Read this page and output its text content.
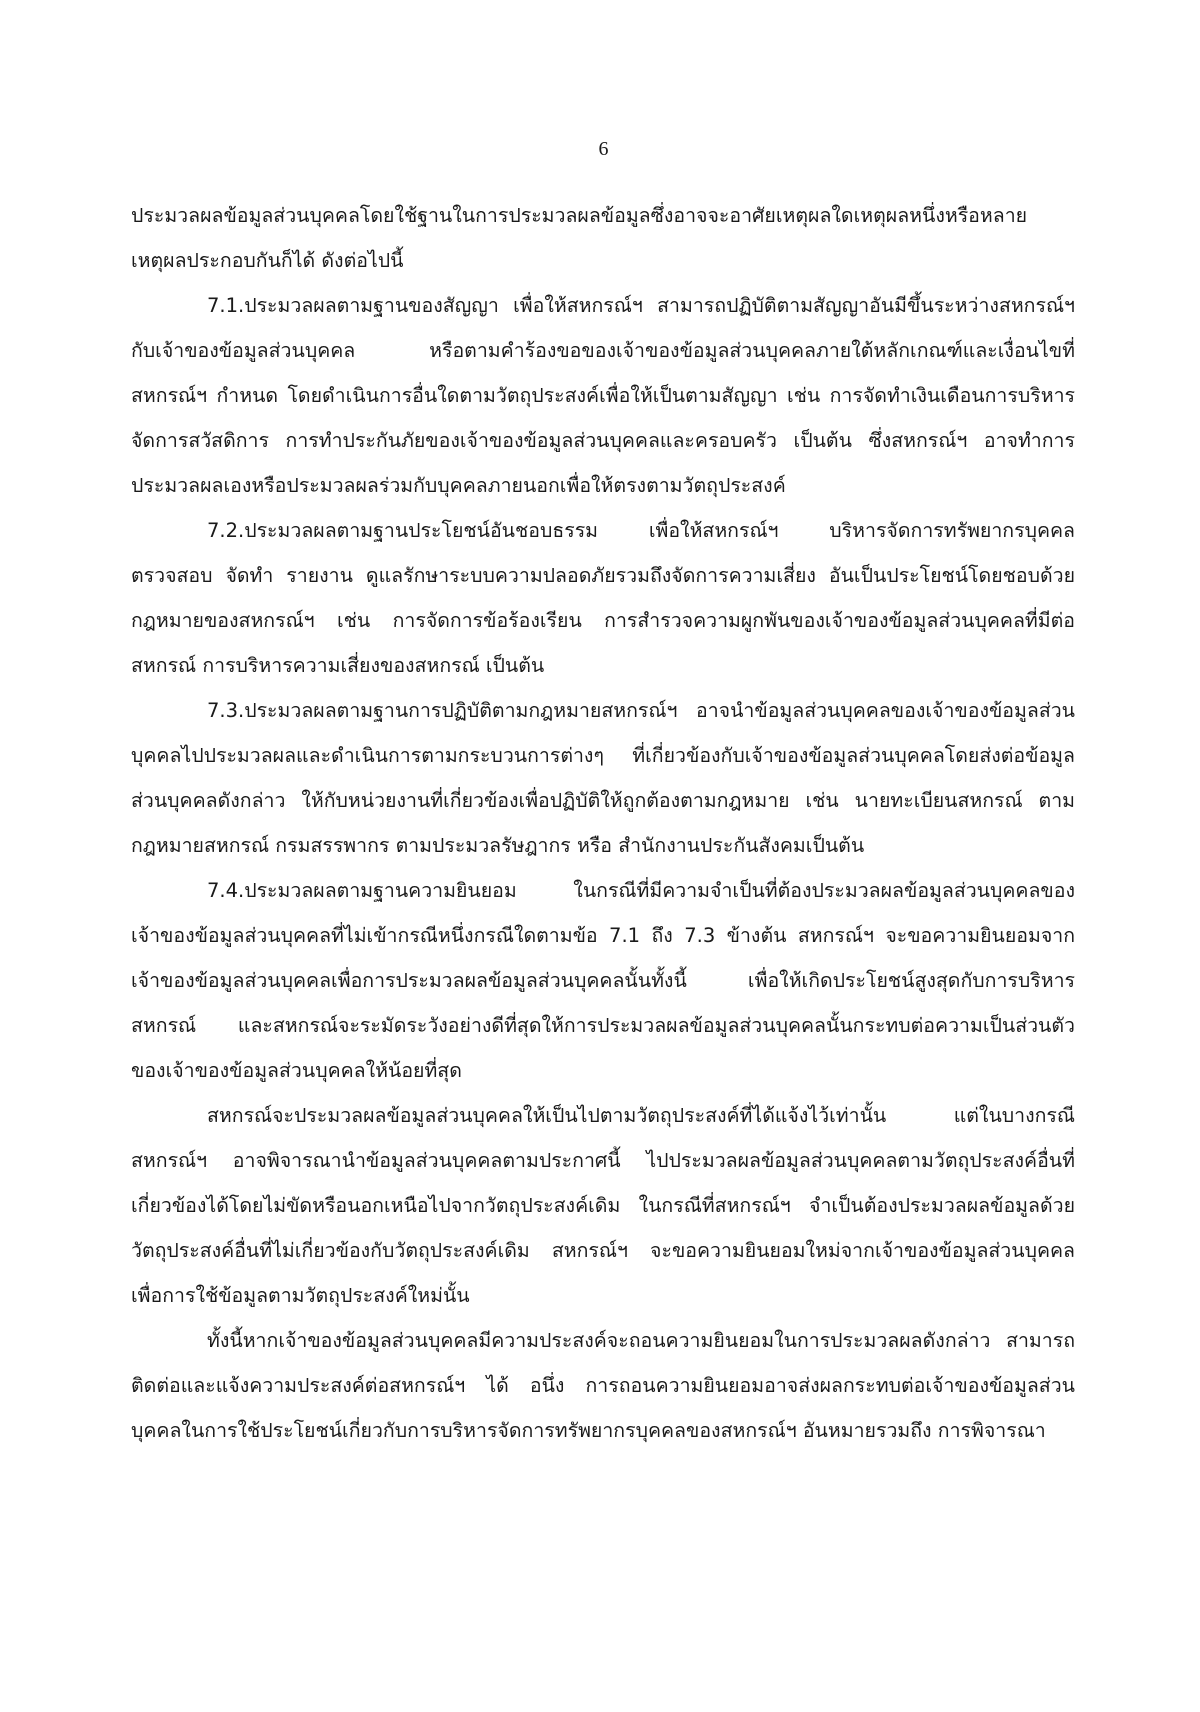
6
ประมวลผลข้อมูลส่วนบุคคลโดยใช้ฐานในการประมวลผลข้อมูลซึ่งอาจจะอาศัยเหตุผลใดเหตุผลหนึ่งหรือหลาย
เหตุผลประกอบกันก็ได้ ดังต่อไปนี้
7.1.ประมวลผลตามฐานของสัญญา เพื่อให้สหกรณ์ฯ สามารถปฏิบัติตามสัญญาอันมีขึ้นระหว่างสหกรณ์ฯ
กับเจ้าของข้อมูลส่วนบุคคล หรือตามคำร้องขอของเจ้าของข้อมูลส่วนบุคคลภายใต้หลักเกณฑ์และเงื่อนไขที่
สหกรณ์ฯ กำหนด โดยดำเนินการอื่นใดตามวัตถุประสงค์เพื่อให้เป็นตามสัญญา เช่น การจัดทำเงินเดือนการบริหาร
จัดการสวัสดิการ การทำประกันภัยของเจ้าของข้อมูลส่วนบุคคลและครอบครัว เป็นต้น ซึ่งสหกรณ์ฯ อาจทำการ
ประมวลผลเองหรือประมวลผลร่วมกับบุคคลภายนอกเพื่อให้ตรงตามวัตถุประสงค์
7.2.ประมวลผลตามฐานประโยชน์อันชอบธรรม เพื่อให้สหกรณ์ฯ บริหารจัดการทรัพยากรบุคคล
ตรวจสอบ จัดทำ รายงาน ดูแลรักษาระบบความปลอดภัยรวมถึงจัดการความเสี่ยง อันเป็นประโยชน์โดยชอบด้วย
กฎหมายของสหกรณ์ฯ เช่น การจัดการข้อร้องเรียน การสำรวจความผูกพันของเจ้าของข้อมูลส่วนบุคคลที่มีต่อ
สหกรณ์ การบริหารความเสี่ยงของสหกรณ์ เป็นต้น
7.3.ประมวลผลตามฐานการปฏิบัติตามกฎหมายสหกรณ์ฯ อาจนำข้อมูลส่วนบุคคลของเจ้าของข้อมูลส่วน
บุคคลไปประมวลผลและดำเนินการตามกระบวนการต่างๆ ที่เกี่ยวข้องกับเจ้าของข้อมูลส่วนบุคคลโดยส่งต่อข้อมูล
ส่วนบุคคลดังกล่าว ให้กับหน่วยงานที่เกี่ยวข้องเพื่อปฏิบัติให้ถูกต้องตามกฎหมาย เช่น นายทะเบียนสหกรณ์ ตาม
กฎหมายสหกรณ์ กรมสรรพากร ตามประมวลรัษฎากร หรือ สำนักงานประกันสังคมเป็นต้น
7.4.ประมวลผลตามฐานความยินยอม ในกรณีที่มีความจำเป็นที่ต้องประมวลผลข้อมูลส่วนบุคคลของ
เจ้าของข้อมูลส่วนบุคคลที่ไม่เข้ากรณีหนึ่งกรณีใดตามข้อ 7.1 ถึง 7.3 ข้างต้น สหกรณ์ฯ จะขอความยินยอมจาก
เจ้าของข้อมูลส่วนบุคคลเพื่อการประมวลผลข้อมูลส่วนบุคคลนั้นทั้งนี้ เพื่อให้เกิดประโยชน์สูงสุดกับการบริหาร
สหกรณ์ และสหกรณ์จะระมัดระวังอย่างดีที่สุดให้การประมวลผลข้อมูลส่วนบุคคลนั้นกระทบต่อความเป็นส่วนตัว
ของเจ้าของข้อมูลส่วนบุคคลให้น้อยที่สุด
สหกรณ์จะประมวลผลข้อมูลส่วนบุคคลให้เป็นไปตามวัตถุประสงค์ที่ได้แจ้งไว้เท่านั้น แต่ในบางกรณี
สหกรณ์ฯ อาจพิจารณานำข้อมูลส่วนบุคคลตามประกาศนี้ ไปประมวลผลข้อมูลส่วนบุคคลตามวัตถุประสงค์อื่นที่
เกี่ยวข้องได้โดยไม่ขัดหรือนอกเหนือไปจากวัตถุประสงค์เดิม ในกรณีที่สหกรณ์ฯ จำเป็นต้องประมวลผลข้อมูลด้วย
วัตถุประสงค์อื่นที่ไม่เกี่ยวข้องกับวัตถุประสงค์เดิม สหกรณ์ฯ จะขอความยินยอมใหม่จากเจ้าของข้อมูลส่วนบุคคล
เพื่อการใช้ข้อมูลตามวัตถุประสงค์ใหม่นั้น
ทั้งนี้หากเจ้าของข้อมูลส่วนบุคคลมีความประสงค์จะถอนความยินยอมในการประมวลผลดังกล่าว สามารถ
ติดต่อและแจ้งความประสงค์ต่อสหกรณ์ฯ ได้ อนึ่ง การถอนความยินยอมอาจส่งผลกระทบต่อเจ้าของข้อมูลส่วน
บุคคลในการใช้ประโยชน์เกี่ยวกับการบริหารจัดการทรัพยากรบุคคลของสหกรณ์ฯ อันหมายรวมถึง การพิจารณา
